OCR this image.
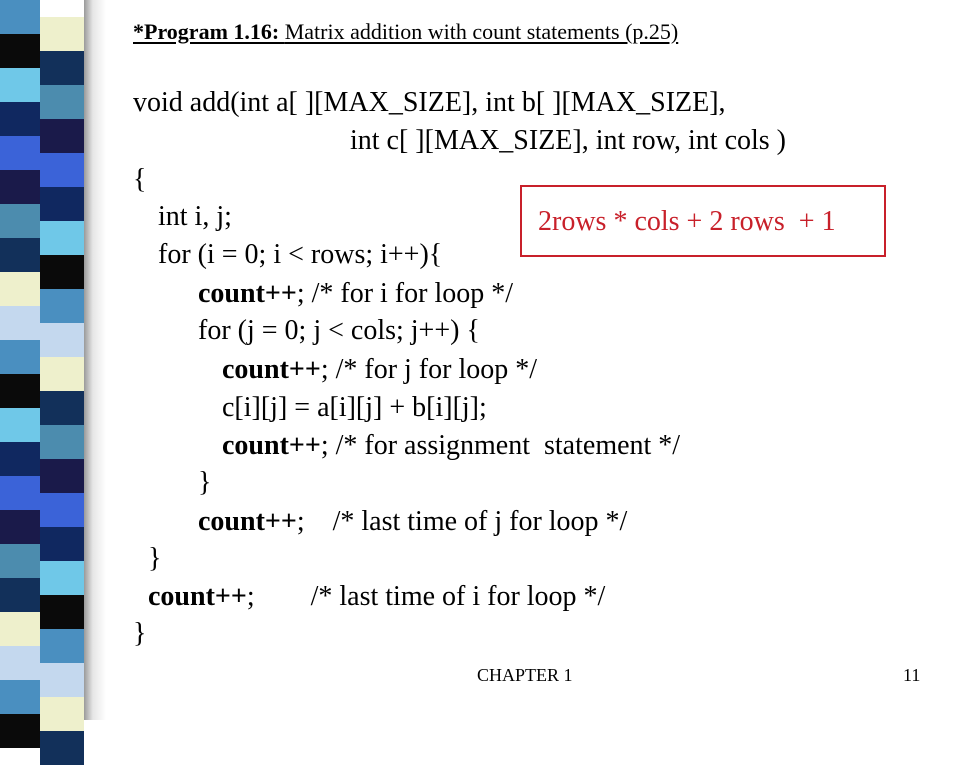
*Program 1.16: Matrix addition with count statements (p.25)
void add(int a[ ][MAX_SIZE], int b[ ][MAX_SIZE],
int c[ ][MAX_SIZE], int row, int cols )
{
int i, j;
for (i = 0; i < rows; i++){
count++; /* for i for loop */
for (j = 0; j < cols; j++) {
count++; /* for j for loop */
c[i][j] = a[i][j] + b[i][j];
count++; /* for assignment  statement */
}
count++;    /* last time of j for loop */
}
count++;        /* last time of i for loop */
}
2rows * cols + 2 rows  + 1
CHAPTER 1	11
